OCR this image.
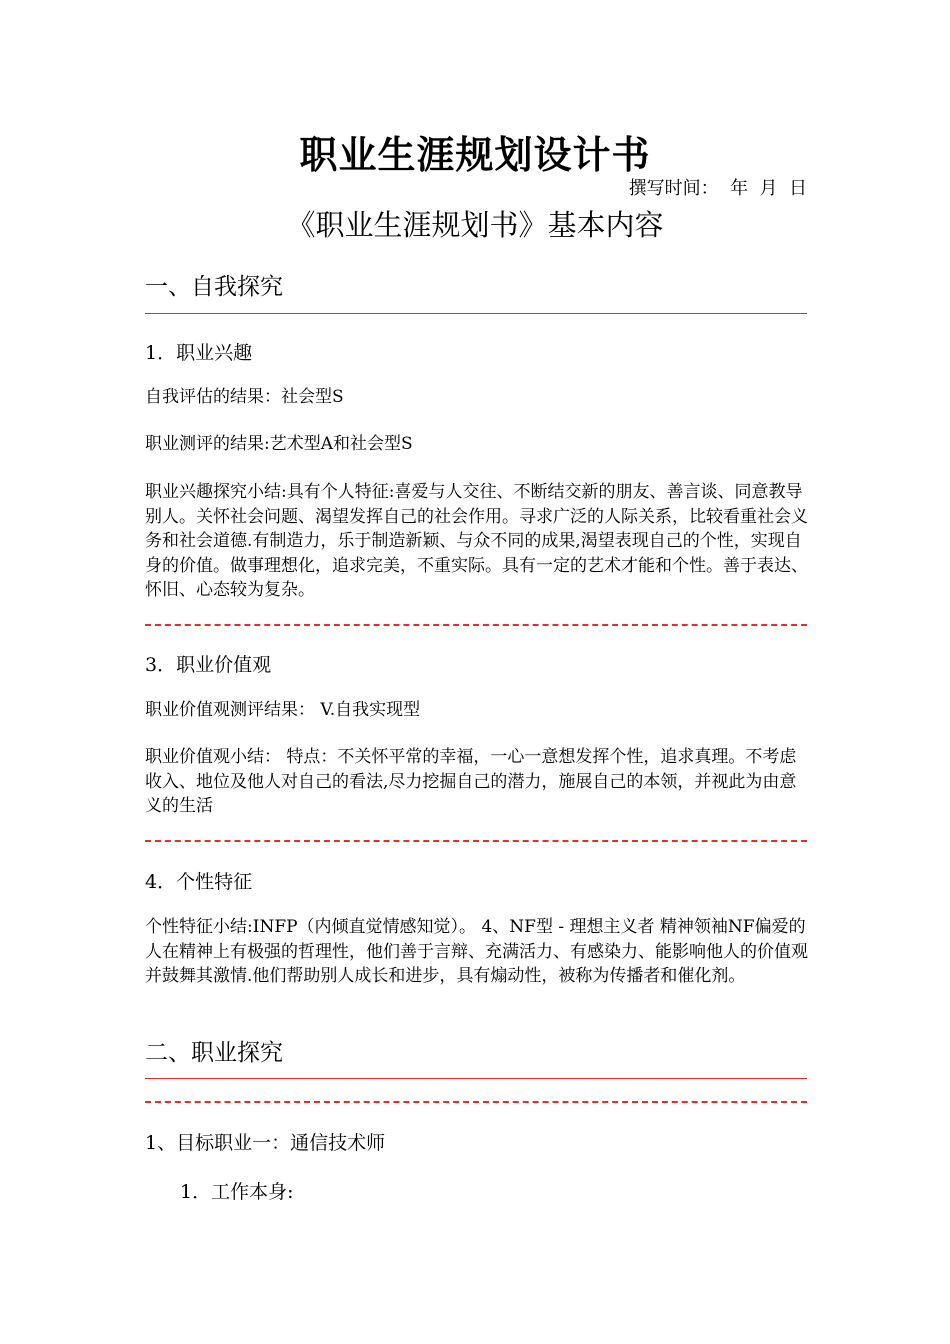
职业生涯规划设计书
撰写时间：  年  月  日
《职业生涯规划书》基本内容
一、自我探究
1．职业兴趣
自我评估的结果：社会型S
职业测评的结果:艺术型A和社会型S
职业兴趣探究小结:具有个人特征:喜爱与人交往、不断结交新的朋友、善言谈、同意教导别人。关怀社会问题、渴望发挥自己的社会作用。寻求广泛的人际关系，比较看重社会义务和社会道德.有制造力，乐于制造新颖、与众不同的成果,渴望表现自己的个性，实现自身的价值。做事理想化，追求完美，不重实际。具有一定的艺术才能和个性。善于表达、怀旧、心态较为复杂。
3．职业价值观
职业价值观测评结果： V.自我实现型
职业价值观小结： 特点：不关怀平常的幸福，一心一意想发挥个性，追求真理。不考虑收入、地位及他人对自己的看法,尽力挖掘自己的潜力，施展自己的本领，并视此为由意义的生活
4．个性特征
个性特征小结:INFP（内倾直觉情感知觉）。 4、NF型 - 理想主义者 精神领袖NF偏爱的人在精神上有极强的哲理性，他们善于言辩、充满活力、有感染力、能影响他人的价值观并鼓舞其激情.他们帮助别人成长和进步，具有煽动性，被称为传播者和催化剂。
二、职业探究
1、目标职业一：通信技术师
1．工作本身:
